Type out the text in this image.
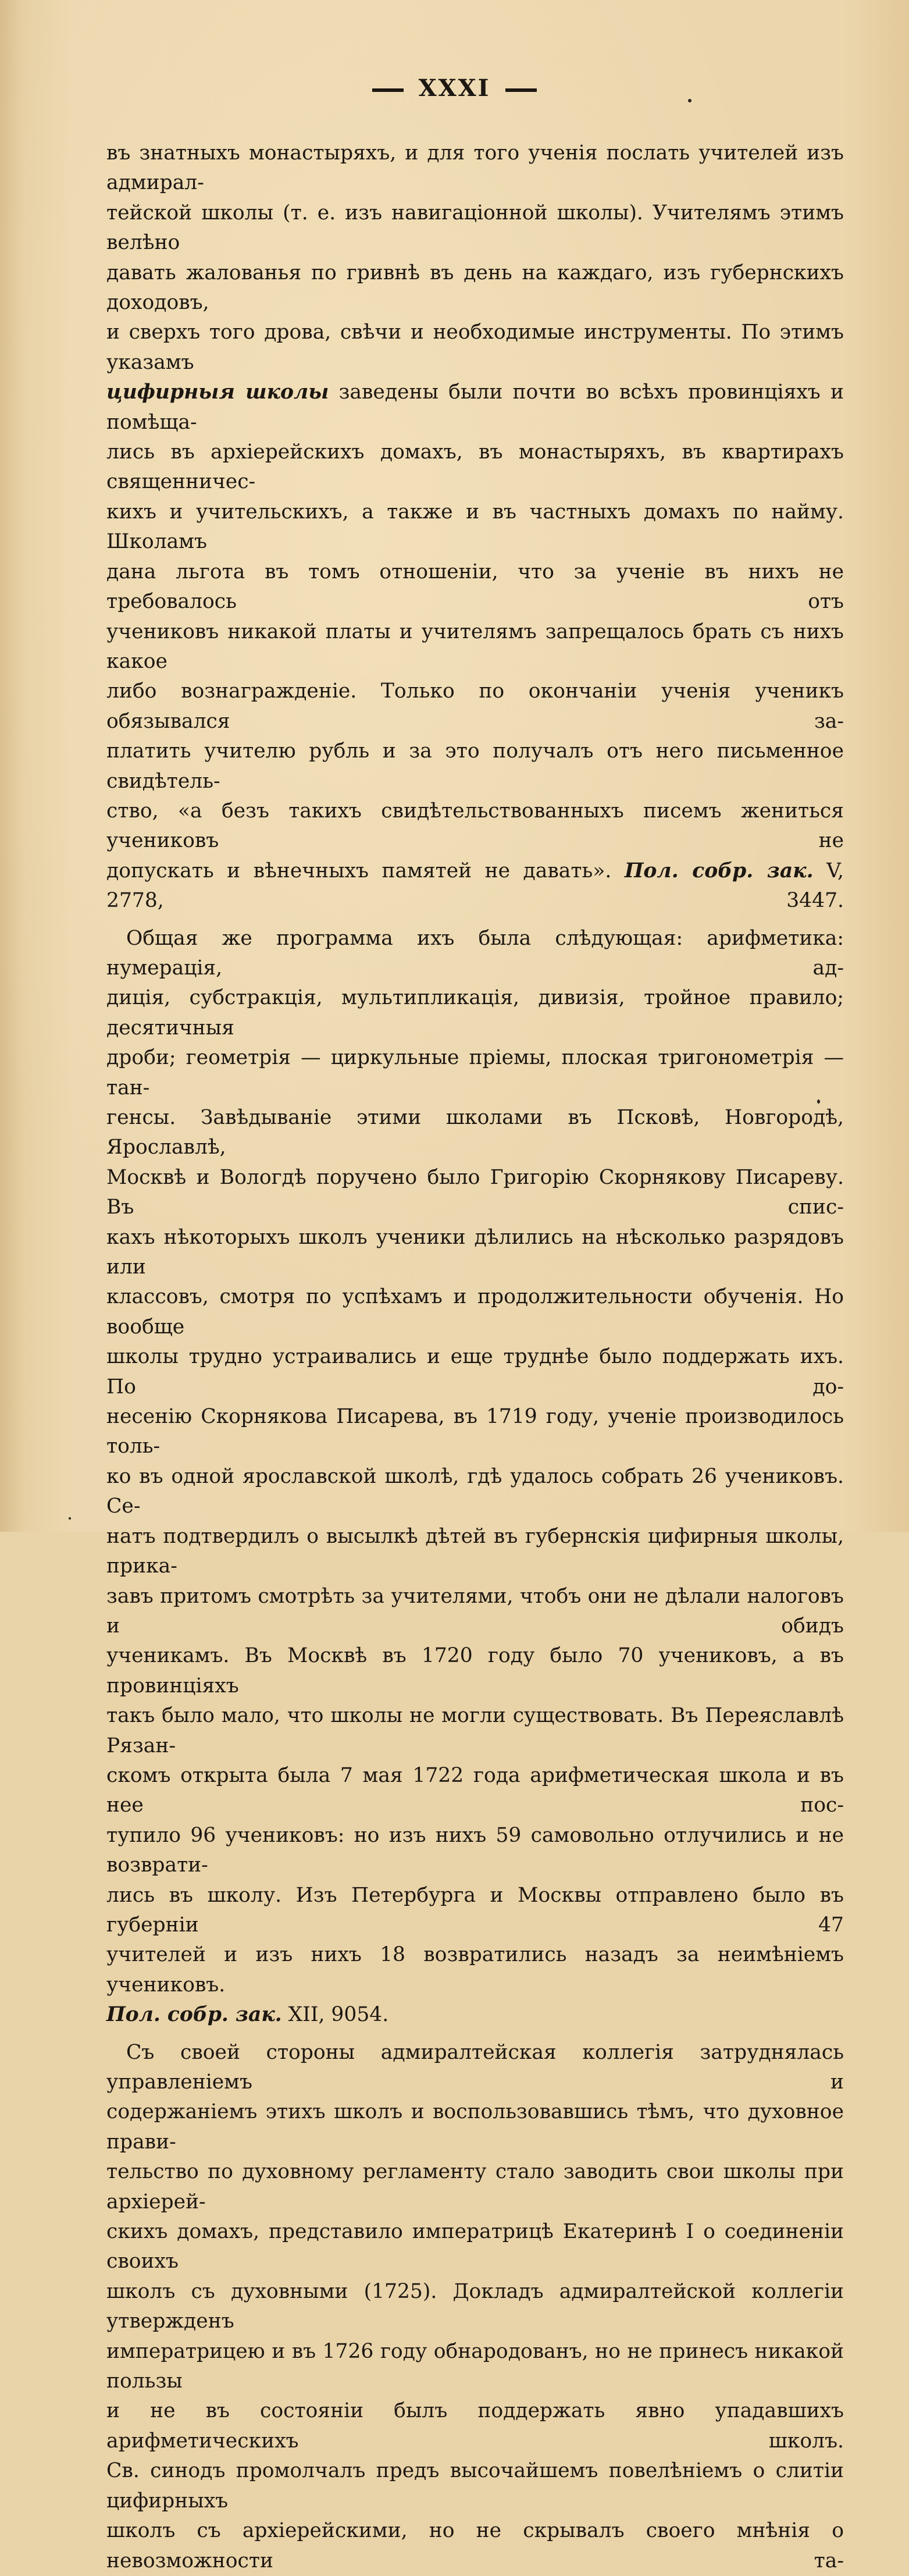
XXXI

въ знатныхъ монастыряхъ, и для того ученія послать учителей изъ адмирал-

тейской школы (т. е. изъ навигаціонной школы). Учителямъ этимъ велѣно

давать жалованья по гривнѣ въ день на каждаго, изъ губернскихъ доходовъ,

и сверхъ того дрова, свѣчи и необходимые инструменты. По этимъ указамъ

цифирныя школы заведены были почти во всѣхъ провинціяхъ и помѣща-

лись въ архіерейскихъ домахъ, въ монастыряхъ, въ квартирахъ священничес-

кихъ и учительскихъ, а также и въ частныхъ домахъ по найму. Школамъ

дана льгота въ томъ отношеніи, что за ученіе въ нихъ не требовалось отъ

учениковъ никакой платы и учителямъ запрещалось брать съ нихъ какое

либо вознагражденіе. Только по окончаніи ученія ученикъ обязывался за-

платить учителю рубль и за это получалъ отъ него письменное свидѣтель-

ство, «а безъ такихъ свидѣтельствованныхъ писемъ жениться учениковъ не

допускать и вѣнечныхъ памятей не давать». Пол. собр. зак. V, 2778, 3447.

Общая же программа ихъ была слѣдующая: арифметика: нумерація, ад-

диція, субстракція, мультипликація, дивизія, тройное правило; десятичныя

дроби; геометрія — циркульные пріемы, плоская тригонометрія — тан-

генсы. Завѣдываніе этими школами въ Псковѣ, Новгородѣ, Ярославлѣ,

Москвѣ и Вологдѣ поручено было Григорію Скорнякову Писареву. Въ спис-

кахъ нѣкоторыхъ школъ ученики дѣлились на нѣсколько разрядовъ или

классовъ, смотря по успѣхамъ и продолжительности обученія. Но вообще

школы трудно устраивались и еще труднѣе было поддержать ихъ. По до-

несенію Скорнякова Писарева, въ 1719 году, ученіе производилось толь-

ко въ одной ярославской школѣ, гдѣ удалось собрать 26 учениковъ. Се-

натъ подтвердилъ о высылкѣ дѣтей въ губернскія цифирныя школы, прика-

завъ притомъ смотрѣть за учителями, чтобъ они не дѣлали налоговъ и обидъ

ученикамъ. Въ Москвѣ въ 1720 году было 70 учениковъ, а въ провинціяхъ

такъ было мало, что школы не могли существовать. Въ Переяславлѣ Рязан-

скомъ открыта была 7 мая 1722 года арифметическая школа и въ нее пос-

тупило 96 учениковъ: но изъ нихъ 59 самовольно отлучились и не возврати-

лись въ школу. Изъ Петербурга и Москвы отправлено было въ губерніи 47

учителей и изъ нихъ 18 возвратились назадъ за неимѣніемъ учениковъ.

Пол. собр. зак. XII, 9054.

Съ своей стороны адмиралтейская коллегія затруднялась управленіемъ и

содержаніемъ этихъ школъ и воспользовавшись тѣмъ, что духовное прави-

тельство по духовному регламенту стало заводить свои школы при архіерей-

скихъ домахъ, представило императрицѣ Екатеринѣ I о соединеніи своихъ

школъ съ духовными (1725). Докладъ адмиралтейской коллегіи утвержденъ

императрицею и въ 1726 году обнародованъ, но не принесъ никакой пользы

и не въ состояніи былъ поддержать явно упадавшихъ арифметическихъ школъ.

Св. синодъ промолчалъ предъ высочайшемъ повелѣніемъ о слитіи цифирныхъ

школъ съ архіерейскими, но не скрывалъ своего мнѣнія о невозможности та-
